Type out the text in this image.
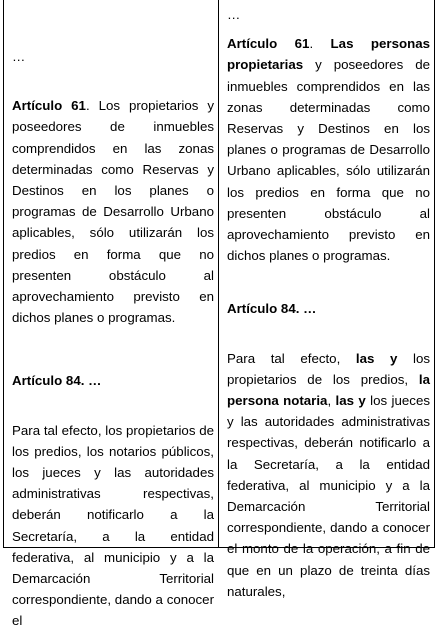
…

Artículo 61. Los propietarios y poseedores de inmuebles comprendidos en las zonas determinadas como Reservas y Destinos en los planes o programas de Desarrollo Urbano aplicables, sólo utilizarán los predios en forma que no presenten obstáculo al aprovechamiento previsto en dichos planes o programas.

Artículo 84. …

Para tal efecto, los propietarios de los predios, los notarios públicos, los jueces y las autoridades administrativas respectivas, deberán notificarlo a la Secretaría, a la entidad federativa, al municipio y a la Demarcación Territorial correspondiente, dando a conocer el

…

Artículo 61. Las personas propietarias y poseedores de inmuebles comprendidos en las zonas determinadas como Reservas y Destinos en los planes o programas de Desarrollo Urbano aplicables, sólo utilizarán los predios en forma que no presenten obstáculo al aprovechamiento previsto en dichos planes o programas.

Artículo 84. …

Para tal efecto, las y los propietarios de los predios, la persona notaria, las y los jueces y las autoridades administrativas respectivas, deberán notificarlo a la Secretaría, a la entidad federativa, al municipio y a la Demarcación Territorial correspondiente, dando a conocer el monto de la operación, a fin de que en un plazo de treinta días naturales,
